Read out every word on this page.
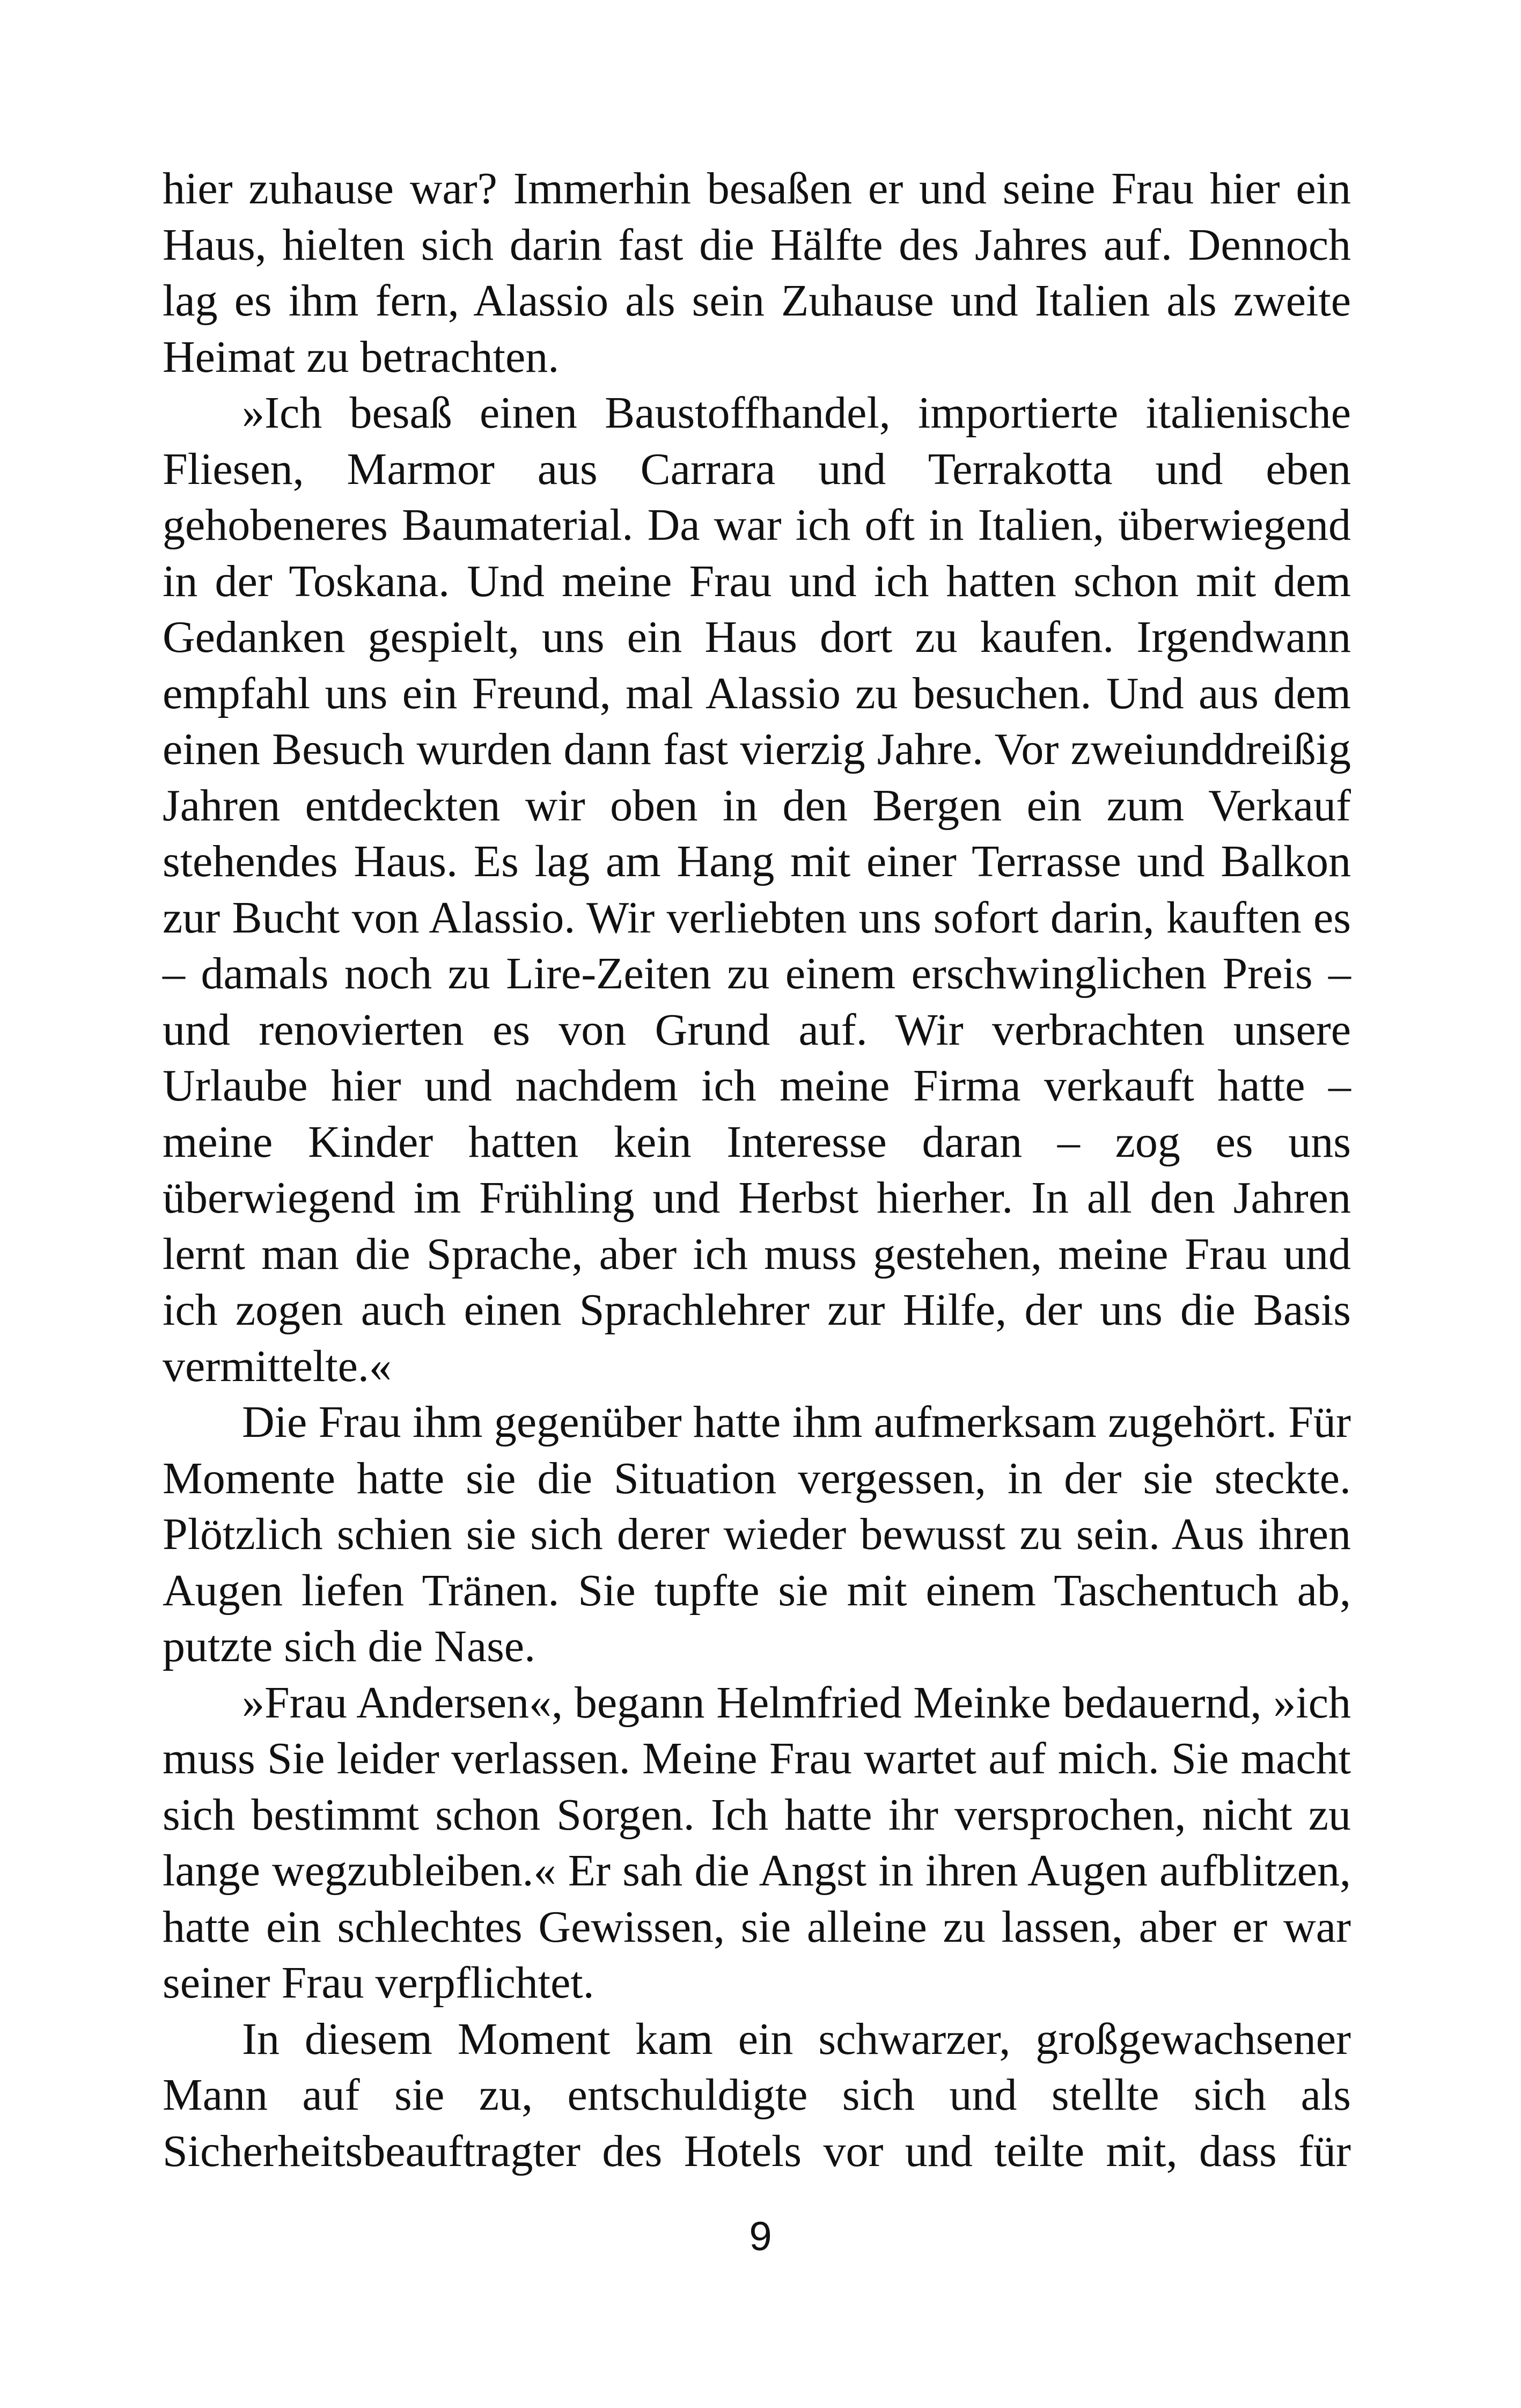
hier zuhause war? Immerhin besaßen er und seine Frau hier ein Haus, hielten sich darin fast die Hälfte des Jahres auf. Dennoch lag es ihm fern, Alassio als sein Zuhause und Italien als zweite Heimat zu betrachten.

»Ich besaß einen Baustoffhandel, importierte italienische Fliesen, Marmor aus Carrara und Terrakotta und eben gehobeneres Baumaterial. Da war ich oft in Italien, überwiegend in der Toskana. Und meine Frau und ich hatten schon mit dem Gedanken gespielt, uns ein Haus dort zu kaufen. Irgendwann empfahl uns ein Freund, mal Alassio zu besuchen. Und aus dem einen Besuch wurden dann fast vierzig Jahre. Vor zweiunddreißig Jahren entdeckten wir oben in den Bergen ein zum Verkauf stehendes Haus. Es lag am Hang mit einer Terrasse und Balkon zur Bucht von Alassio. Wir verliebten uns sofort darin, kauften es – damals noch zu Lire-Zeiten zu einem erschwinglichen Preis – und renovierten es von Grund auf. Wir verbrachten unsere Urlaube hier und nachdem ich meine Firma verkauft hatte – meine Kinder hatten kein Interesse daran – zog es uns überwiegend im Frühling und Herbst hierher. In all den Jahren lernt man die Sprache, aber ich muss gestehen, meine Frau und ich zogen auch einen Sprachlehrer zur Hilfe, der uns die Basis vermittelte.«

Die Frau ihm gegenüber hatte ihm aufmerksam zugehört. Für Momente hatte sie die Situation vergessen, in der sie steckte. Plötzlich schien sie sich derer wieder bewusst zu sein. Aus ihren Augen liefen Tränen. Sie tupfte sie mit einem Taschentuch ab, putzte sich die Nase.

»Frau Andersen«, begann Helmfried Meinke bedauernd, »ich muss Sie leider verlassen. Meine Frau wartet auf mich. Sie macht sich bestimmt schon Sorgen. Ich hatte ihr versprochen, nicht zu lange wegzubleiben.« Er sah die Angst in ihren Augen aufblitzen, hatte ein schlechtes Gewissen, sie alleine zu lassen, aber er war seiner Frau verpflichtet.

In diesem Moment kam ein schwarzer, großgewachsener Mann auf sie zu, entschuldigte sich und stellte sich als Sicherheitsbeauftragter des Hotels vor und teilte mit, dass für

9
